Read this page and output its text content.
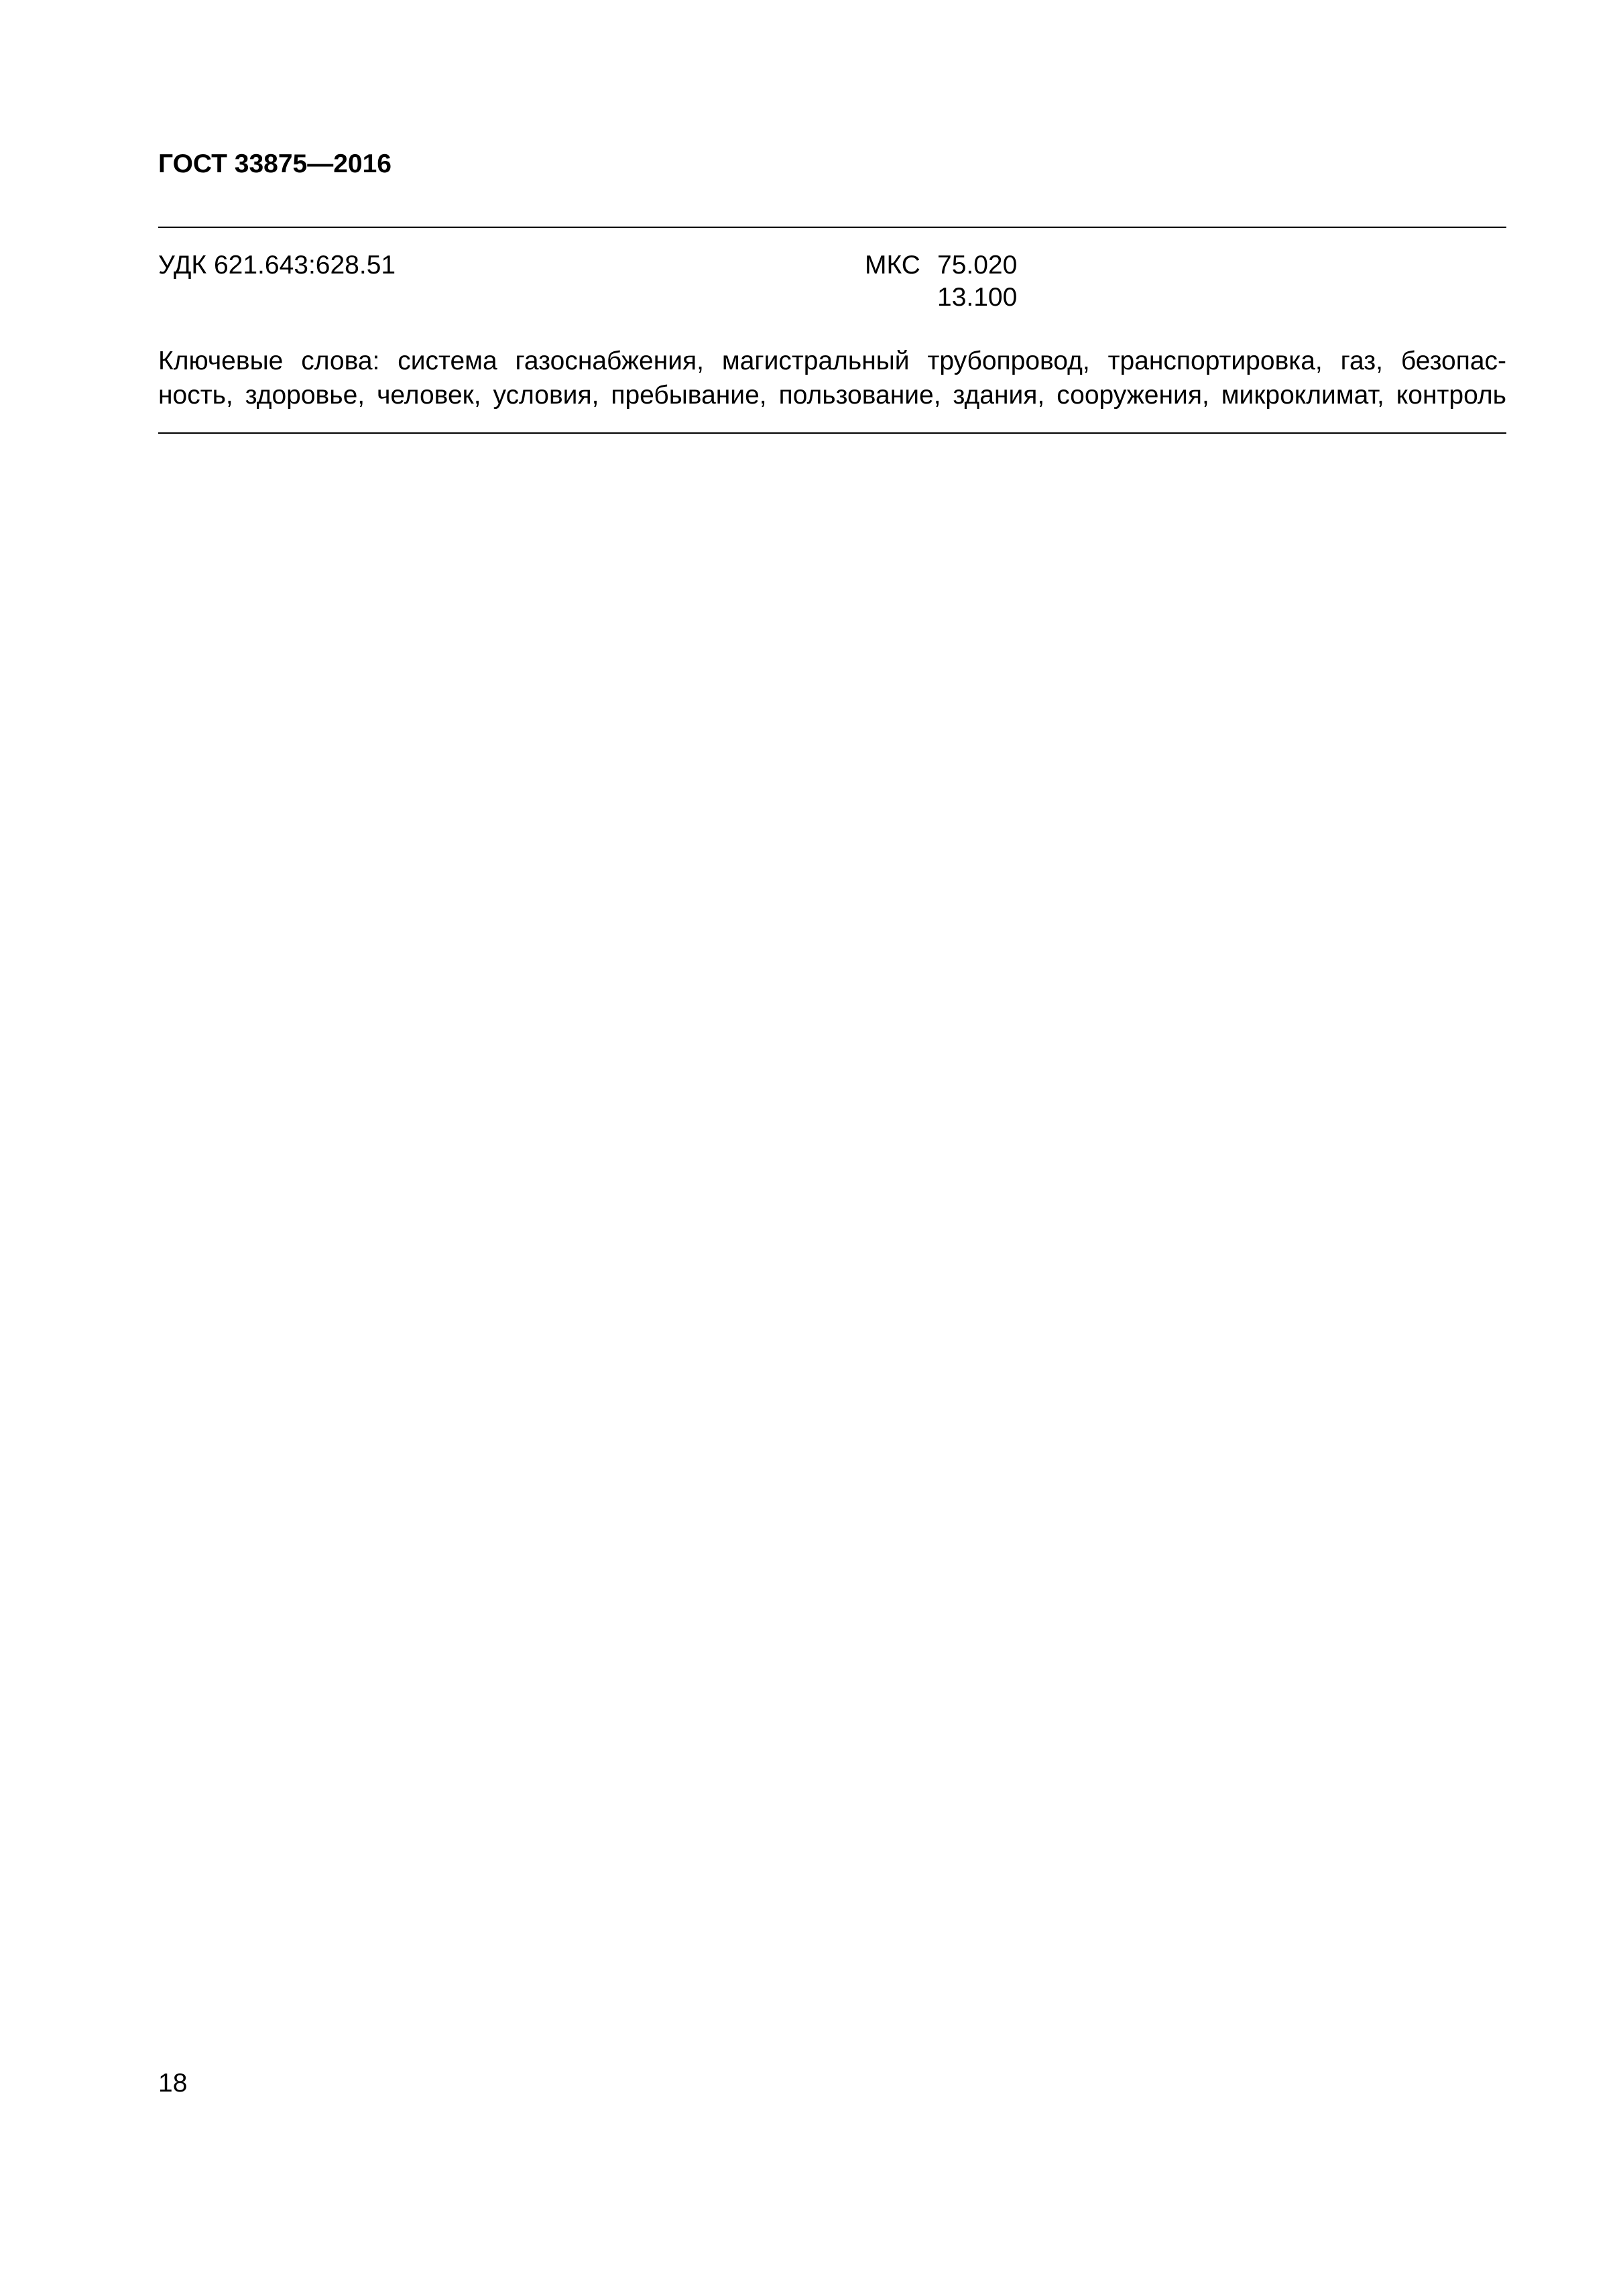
ГОСТ 33875—2016
УДК 621.643:628.51	МКС 75.020
13.100
Ключевые слова: система газоснабжения, магистральный трубопровод, транспортировка, газ, безопас-
ность, здоровье, человек, условия, пребывание, пользование, здания, сооружения, микроклимат, контроль
18
